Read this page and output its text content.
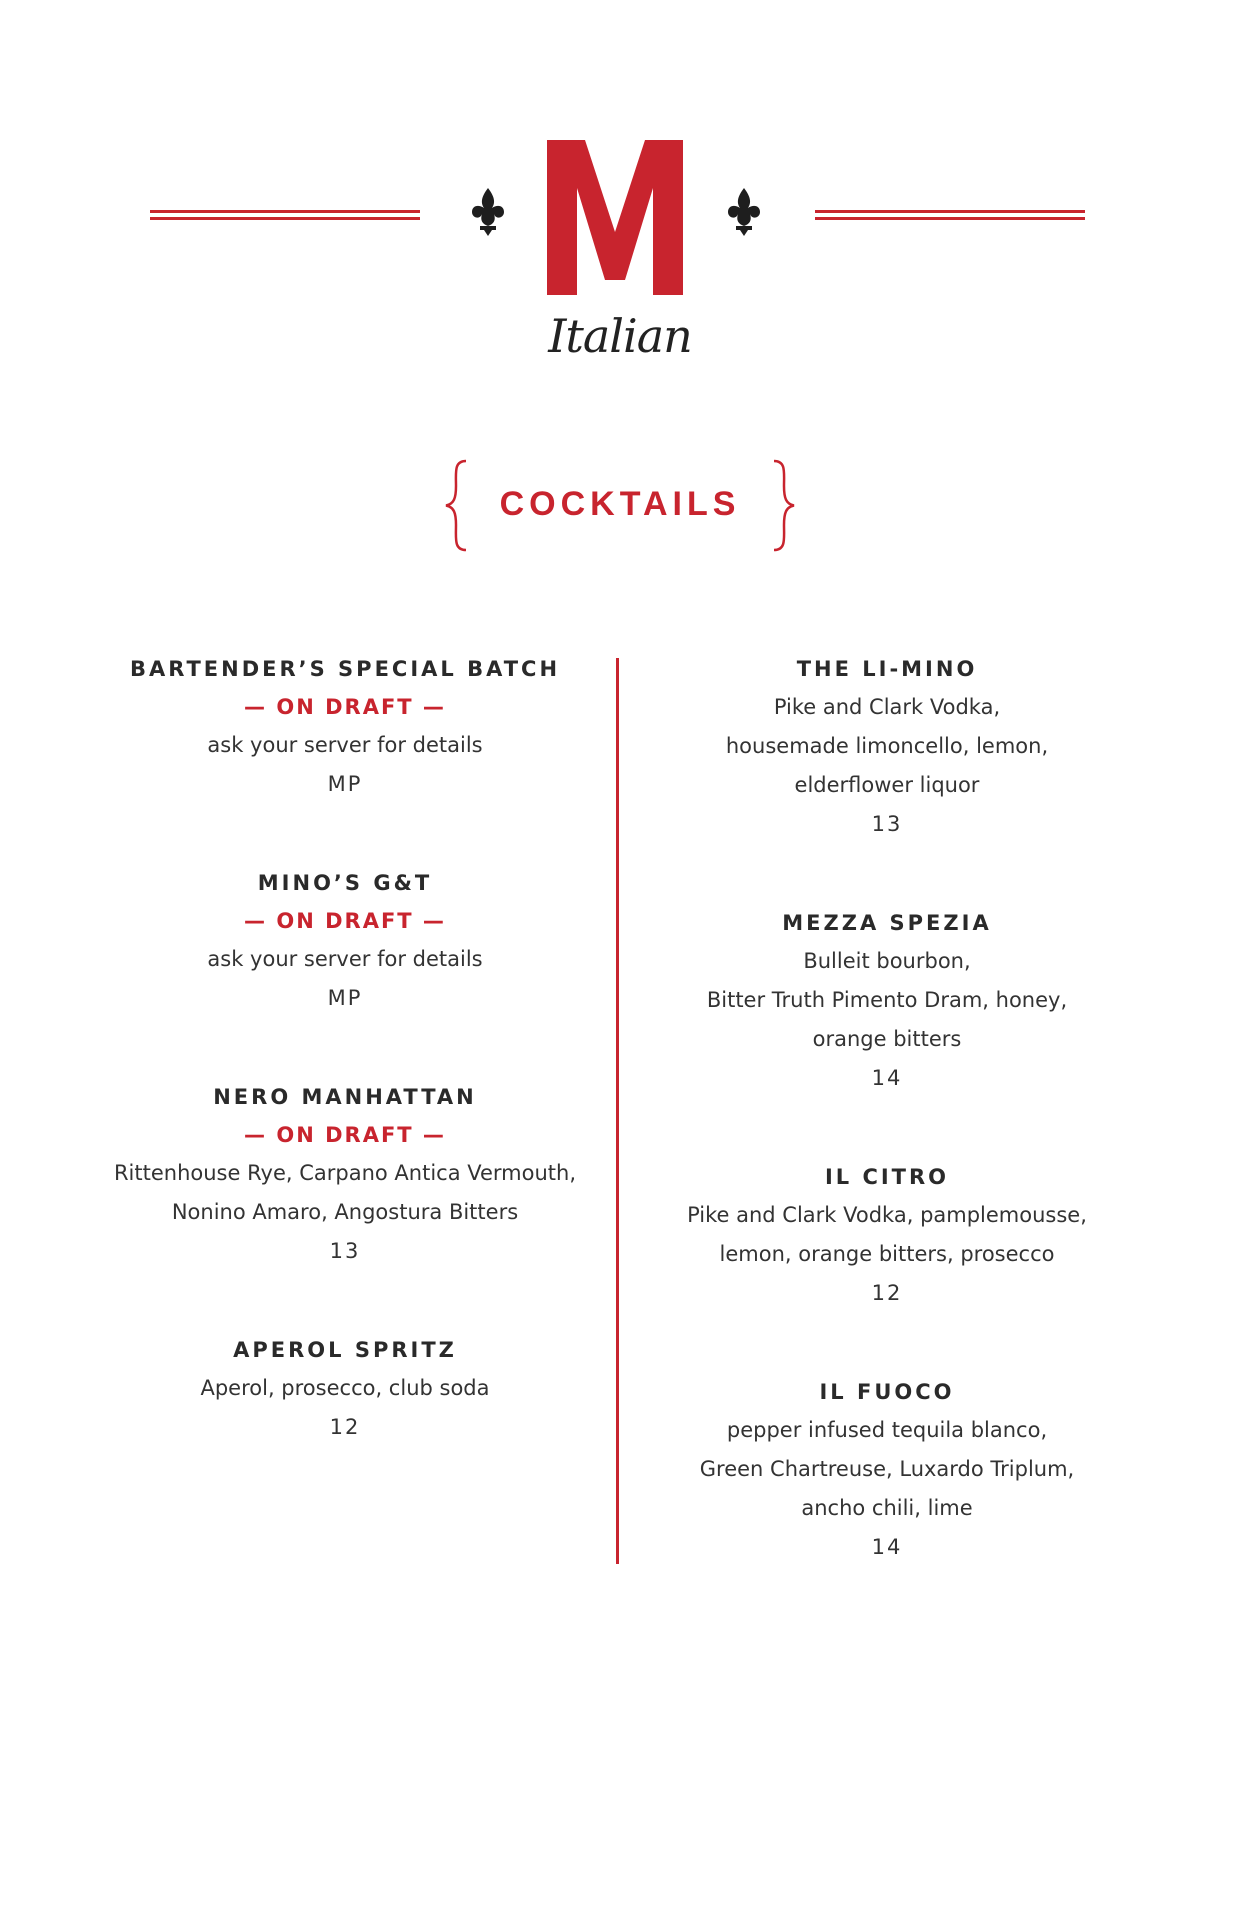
Italian
COCKTAILS
BARTENDER’S SPECIAL BATCH
— ON DRAFT —
ask your server for details
MP
MINO’S G&T
— ON DRAFT —
ask your server for details
MP
NERO MANHATTAN
— ON DRAFT —
Rittenhouse Rye, Carpano Antica Vermouth,
Nonino Amaro, Angostura Bitters
13
APEROL SPRITZ
Aperol, prosecco, club soda
12
THE LI-MINO
Pike and Clark Vodka,
housemade limoncello, lemon,
elderflower liquor
13
MEZZA SPEZIA
Bulleit bourbon,
Bitter Truth Pimento Dram, honey,
orange bitters
14
IL CITRO
Pike and Clark Vodka, pamplemousse,
lemon, orange bitters, prosecco
12
IL FUOCO
pepper infused tequila blanco,
Green Chartreuse, Luxardo Triplum,
ancho chili, lime
14
